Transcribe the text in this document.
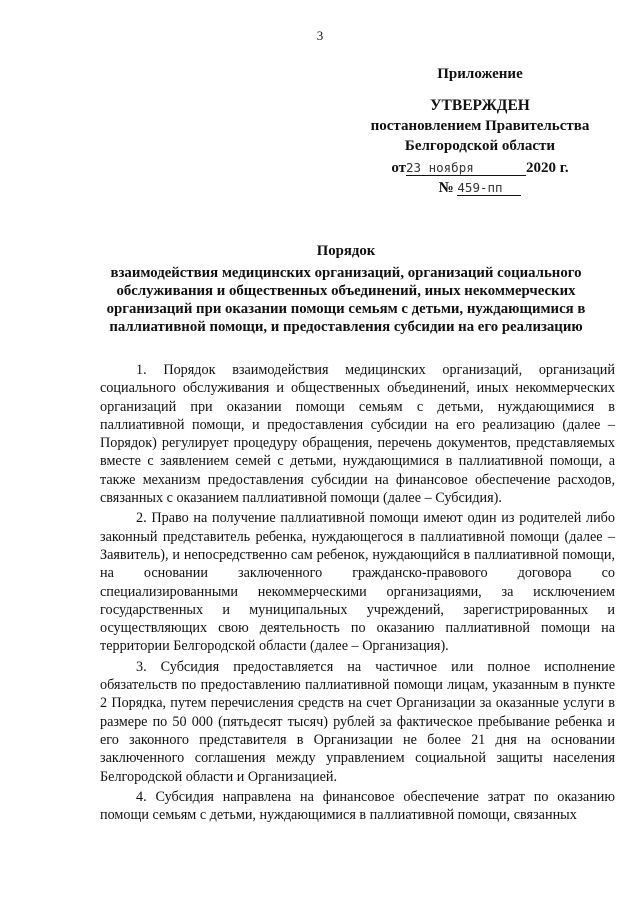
3
Приложение
УТВЕРЖДЕН
постановлением Правительства
Белгородской области
от23 ноября	2020 г.
№ 459-пп
Порядок
взаимодействия медицинских организаций, организаций социального обслуживания и общественных объединений, иных некоммерческих организаций при оказании помощи семьям с детьми, нуждающимися в паллиативной помощи, и предоставления субсидии на его реализацию

1. Порядок взаимодействия медицинских организаций, организаций социального обслуживания и общественных объединений, иных некоммерческих организаций при оказании помощи семьям с детьми, нуждающимися в паллиативной помощи, и предоставления субсидии на его реализацию (далее – Порядок) регулирует процедуру обращения, перечень документов, представляемых вместе с заявлением семей с детьми, нуждающимися в паллиативной помощи, а также механизм предоставления субсидии на финансовое обеспечение расходов, связанных с оказанием паллиативной помощи (далее – Субсидия).

2. Право на получение паллиативной помощи имеют один из родителей либо законный представитель ребенка, нуждающегося в паллиативной помощи (далее – Заявитель), и непосредственно сам ребенок, нуждающийся в паллиативной помощи, на основании заключенного гражданско-правового договора со специализированными некоммерческими организациями, за исключением государственных и муниципальных учреждений, зарегистрированных и осуществляющих свою деятельность по оказанию паллиативной помощи на территории Белгородской области (далее – Организация).

3. Субсидия предоставляется на частичное или полное исполнение обязательств по предоставлению паллиативной помощи лицам, указанным в пункте 2 Порядка, путем перечисления средств на счет Организации за оказанные услуги в размере по 50 000 (пятьдесят тысяч) рублей за фактическое пребывание ребенка и его законного представителя в Организации не более 21 дня на основании заключенного соглашения между управлением социальной защиты населения Белгородской области и Организацией.

4. Субсидия направлена на финансовое обеспечение затрат по оказанию помощи семьям с детьми, нуждающимися в паллиативной помощи, связанных
